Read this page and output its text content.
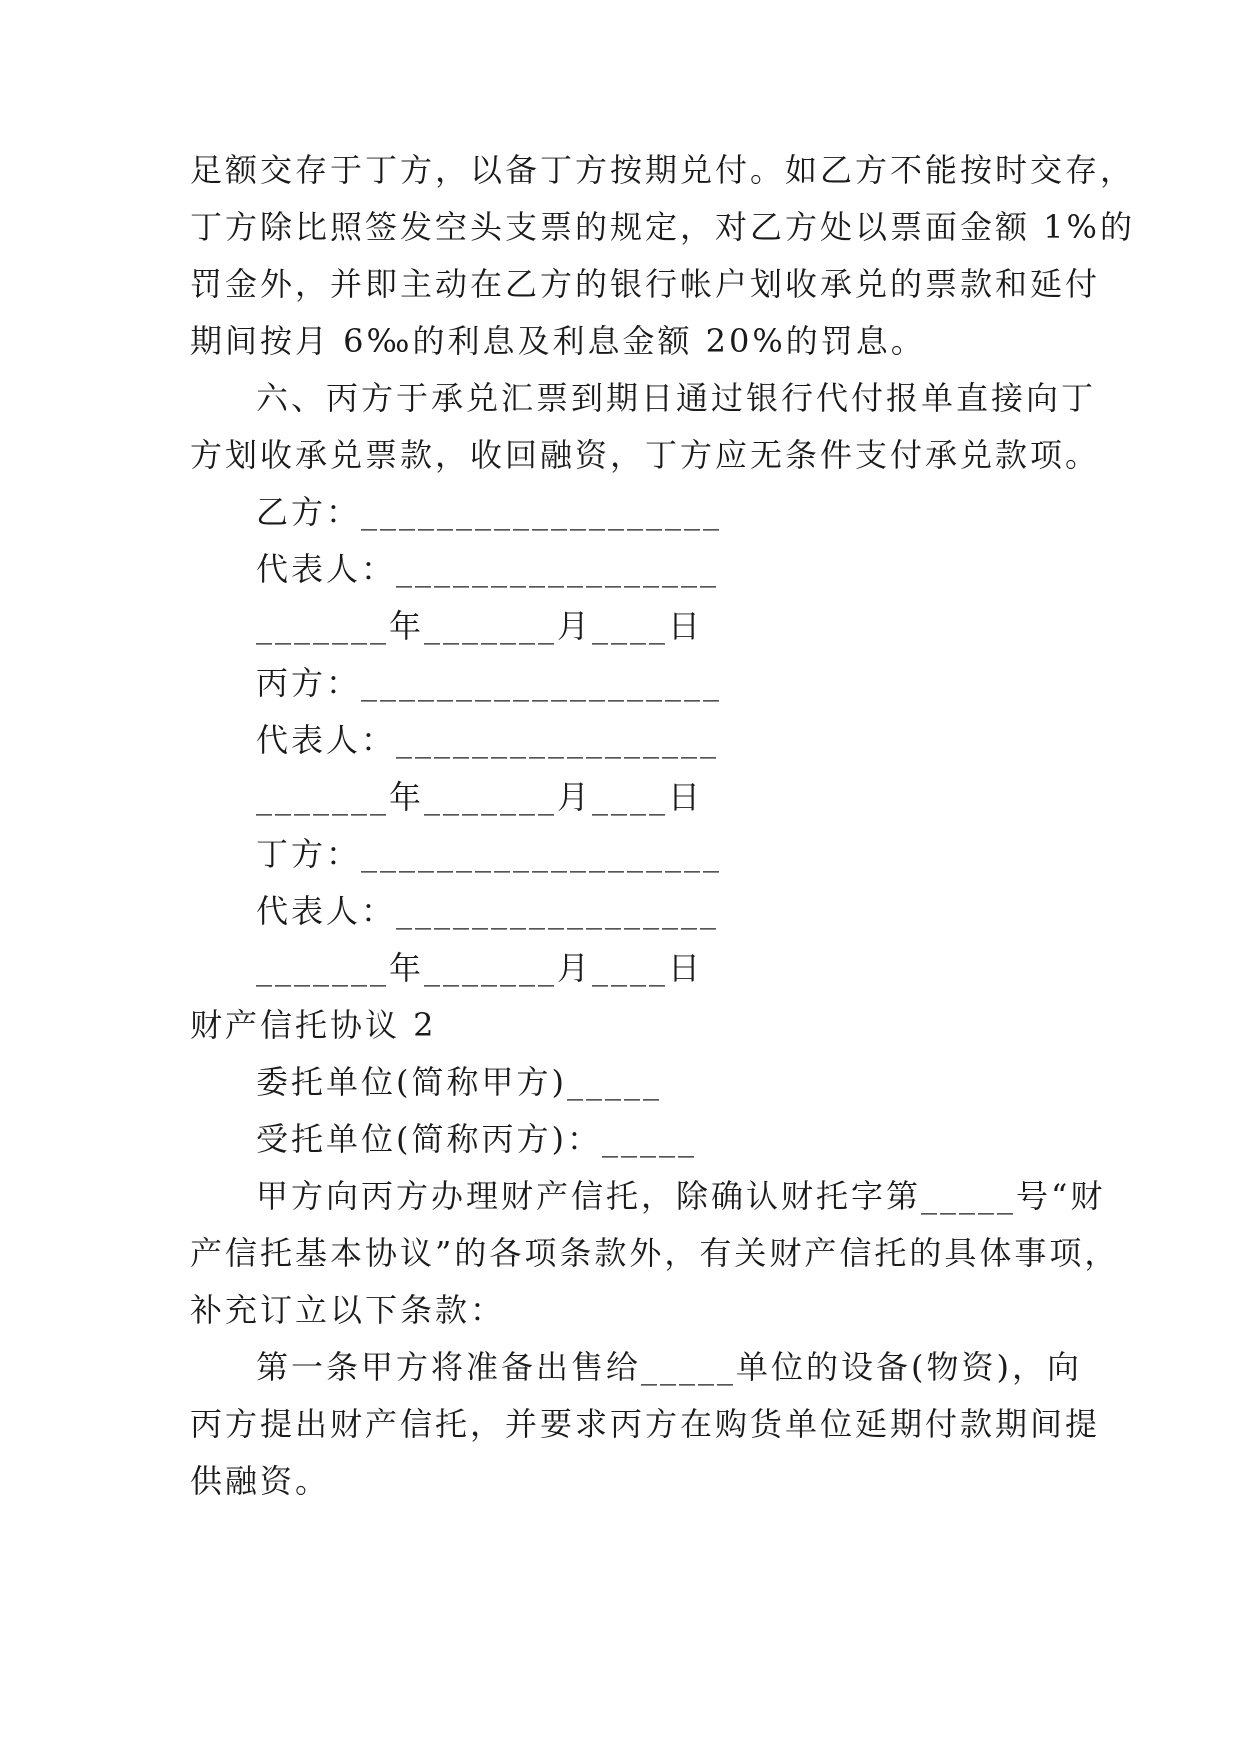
足额交存于丁方，以备丁方按期兑付。如乙方不能按时交存，
丁方除比照签发空头支票的规定，对乙方处以票面金额 1%的
罚金外，并即主动在乙方的银行帐户划收承兑的票款和延付
期间按月 6‰的利息及利息金额 20%的罚息。
六、丙方于承兑汇票到期日通过银行代付报单直接向丁
方划收承兑票款，收回融资，丁方应无条件支付承兑款项。
乙方：___________________
代表人：_________________
_______年_______月____日
丙方：___________________
代表人：_________________
_______年_______月____日
丁方：___________________
代表人：_________________
_______年_______月____日
财产信托协议 2
委托单位(简称甲方)_____
受托单位(简称丙方)：_____
甲方向丙方办理财产信托，除确认财托字第_____号“财
产信托基本协议”的各项条款外，有关财产信托的具体事项，
补充订立以下条款：
第一条甲方将准备出售给_____单位的设备(物资)，向
丙方提出财产信托，并要求丙方在购货单位延期付款期间提
供融资。
